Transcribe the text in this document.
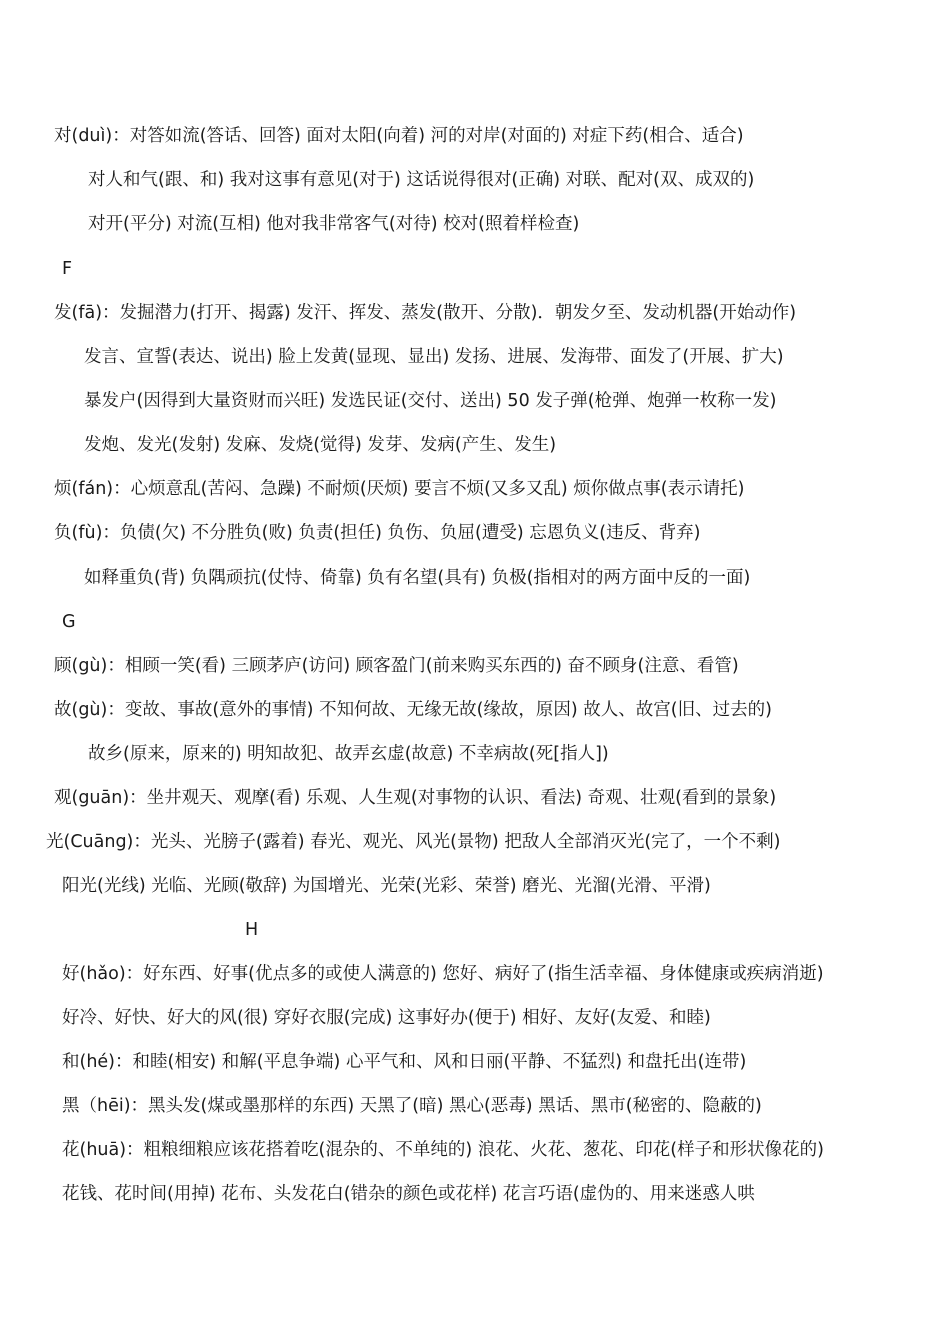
对(duì)：对答如流(答话、回答) 面对太阳(向着) 河的对岸(对面的) 对症下药(相合、适合)
对人和气(跟、和) 我对这事有意见(对于) 这话说得很对(正确) 对联、配对(双、成双的)
对开(平分) 对流(互相) 他对我非常客气(对待) 校对(照着样检查)
F
发(fā)：发掘潜力(打开、揭露) 发汗、挥发、蒸发(散开、分散)．朝发夕至、发动机器(开始动作)
发言、宣誓(表达、说出) 脸上发黄(显现、显出) 发扬、进展、发海带、面发了(开展、扩大)
暴发户(因得到大量资财而兴旺) 发选民证(交付、送出) 50 发子弹(枪弹、炮弹一枚称一发)
发炮、发光(发射) 发麻、发烧(觉得) 发芽、发病(产生、发生)
烦(fán)：心烦意乱(苦闷、急躁) 不耐烦(厌烦) 要言不烦(又多又乱) 烦你做点事(表示请托)
负(fù)：负债(欠) 不分胜负(败) 负责(担任) 负伤、负屈(遭受) 忘恩负义(违反、背弃)
如释重负(背) 负隅顽抗(仗恃、倚靠) 负有名望(具有) 负极(指相对的两方面中反的一面)
G
顾(gù)：相顾一笑(看) 三顾茅庐(访问) 顾客盈门(前来购买东西的) 奋不顾身(注意、看管)
故(gù)：变故、事故(意外的事情) 不知何故、无缘无故(缘故，原因) 故人、故宫(旧、过去的)
故乡(原来，原来的) 明知故犯、故弄玄虚(故意) 不幸病故(死[指人])
观(guān)：坐井观天、观摩(看) 乐观、人生观(对事物的认识、看法) 奇观、壮观(看到的景象)
光(Cuāng)：光头、光膀子(露着) 春光、观光、风光(景物) 把敌人全部消灭光(完了，一个不剩)
阳光(光线) 光临、光顾(敬辞) 为国增光、光荣(光彩、荣誉) 磨光、光溜(光滑、平滑)
H
好(hǎo)：好东西、好事(优点多的或使人满意的) 您好、病好了(指生活幸福、身体健康或疾病消逝)
好冷、好快、好大的风(很) 穿好衣服(完成) 这事好办(便于) 相好、友好(友爱、和睦)
和(hé)：和睦(相安) 和解(平息争端) 心平气和、风和日丽(平静、不猛烈) 和盘托出(连带)
黑（hēi)：黑头发(煤或墨那样的东西) 天黑了(暗) 黑心(恶毒) 黑话、黑市(秘密的、隐蔽的)
花(huā)：粗粮细粮应该花搭着吃(混杂的、不单纯的) 浪花、火花、葱花、印花(样子和形状像花的)
花钱、花时间(用掉) 花布、头发花白(错杂的颜色或花样) 花言巧语(虚伪的、用来迷惑人哄
